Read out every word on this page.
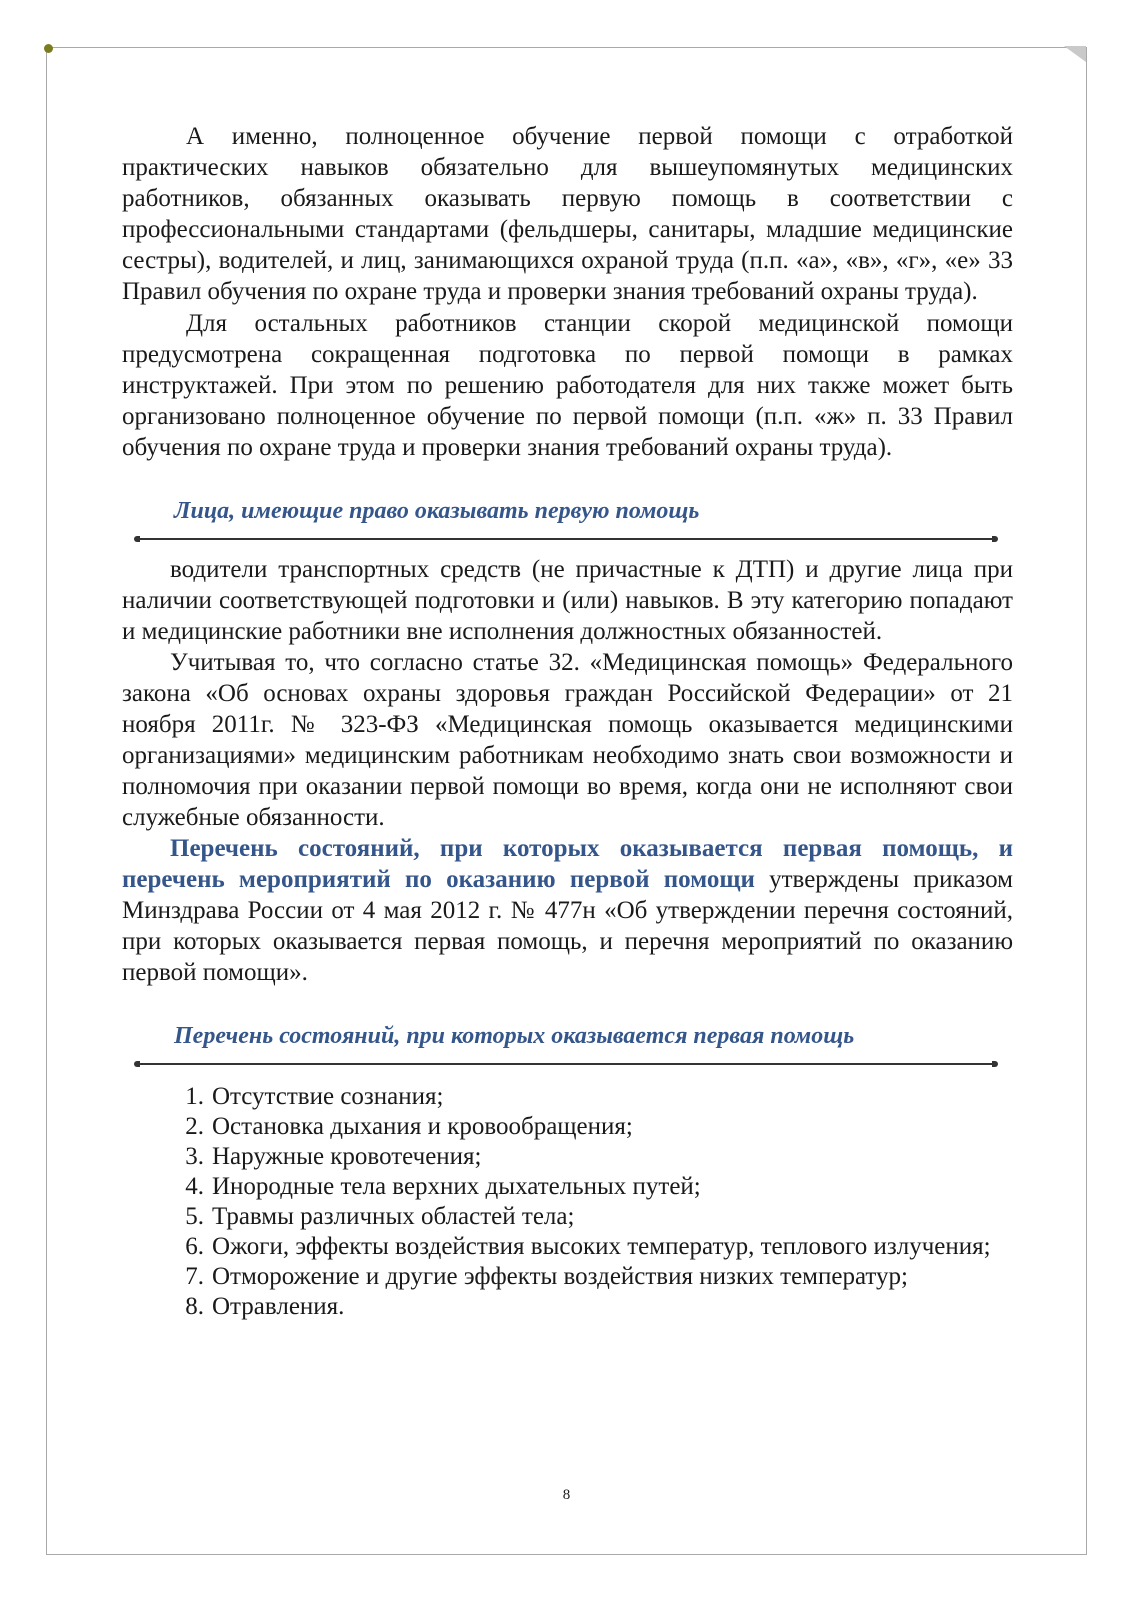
А именно, полноценное обучение первой помощи с отработкой практических навыков обязательно для вышеупомянутых медицинских работников, обязанных оказывать первую помощь в соответствии с профессиональными стандартами (фельдшеры, санитары, младшие медицинские сестры), водителей, и лиц, занимающихся охраной труда (п.п. «а», «в», «г», «е» 33 Правил обучения по охране труда и проверки знания требований охраны труда).

Для остальных работников станции скорой медицинской помощи предусмотрена сокращенная подготовка по первой помощи в рамках инструктажей. При этом по решению работодателя для них также может быть организовано полноценное обучение по первой помощи (п.п. «ж» п. 33 Правил обучения по охране труда и проверки знания требований охраны труда).

Лица, имеющие право оказывать первую помощь

водители транспортных средств (не причастные к ДТП) и другие лица при наличии соответствующей подготовки и (или) навыков. В эту категорию попадают и медицинские работники вне исполнения должностных обязанностей.

Учитывая то, что согласно статье 32. «Медицинская помощь» Федерального закона «Об основах охраны здоровья граждан Российской Федерации» от 21 ноября 2011г. № 323-ФЗ «Медицинская помощь оказывается медицинскими организациями» медицинским работникам необходимо знать свои возможности и полномочия при оказании первой помощи во время, когда они не исполняют свои служебные обязанности.

Перечень состояний, при которых оказывается первая помощь, и перечень мероприятий по оказанию первой помощи утверждены приказом Минздрава России от 4 мая 2012 г. № 477н «Об утверждении перечня состояний, при которых оказывается первая помощь, и перечня мероприятий по оказанию первой помощи».

Перечень состояний, при которых оказывается первая помощь
1. Отсутствие сознания;
2. Остановка дыхания и кровообращения;
3. Наружные кровотечения;
4. Инородные тела верхних дыхательных путей;
5. Травмы различных областей тела;
6. Ожоги, эффекты воздействия высоких температур, теплового излучения;
7. Отморожение и другие эффекты воздействия низких температур;
8. Отравления.
8
